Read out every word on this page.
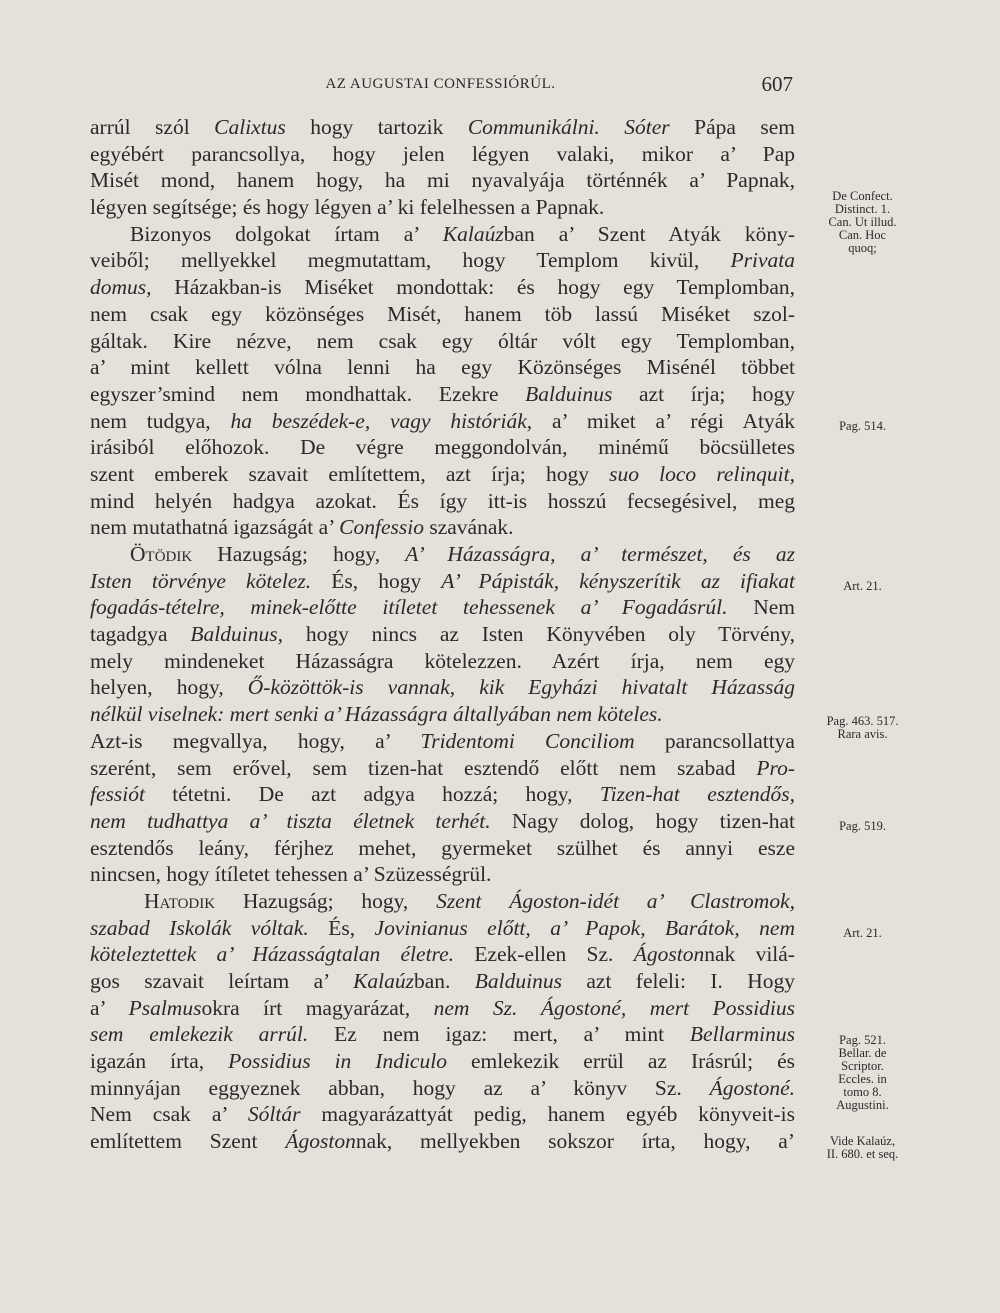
AZ AUGUSTAI CONFESSIÓRÚL.	607
arrúl szól Calixtus hogy tartozik Communikálni. Sóter Pápa sem
egyébért parancsollya, hogy jelen légyen valaki, mikor a’ Pap
Misét mond, hanem hogy, ha mi nyavalyája történnék a’ Papnak,
légyen segítsége; és hogy légyen a’ ki felelhessen a Papnak.
Bizonyos dolgokat írtam a’ Kalaúzban a’ Szent Atyák köny-
veiből; mellyekkel megmutattam, hogy Templom kivül, Privata
domus, Házakban-is Miséket mondottak: és hogy egy Templomban,
nem csak egy közönséges Misét, hanem töb lassú Miséket szol-
gáltak. Kire nézve, nem csak egy óltár vólt egy Templomban,
a’ mint kellett vólna lenni ha egy Közönséges Misénél többet
egyszer’smind nem mondhattak. Ezekre Balduinus azt írja; hogy
nem tudgya, ha beszédek-e, vagy históriák, a’ miket a’ régi Atyák
irásiból előhozok. De végre meggondolván, minémű böcsülletes
szent emberek szavait említettem, azt írja; hogy suo loco relinquit,
mind helyén hadgya azokat. És így itt-is hosszú fecsegésivel, meg
nem mutathatná igazságát a’ Confessio szavának.
Ötödik Hazugság; hogy, A’ Házasságra, a’ természet, és az
Isten törvénye kötelez. És, hogy A’ Pápisták, kényszerítik az ifiakat
fogadás-tételre, minek-előtte itíletet tehessenek a’ Fogadásrúl. Nem
tagadgya Balduinus, hogy nincs az Isten Könyvében oly Törvény,
mely mindeneket Házasságra kötelezzen. Azért írja, nem egy
helyen, hogy, Ő-közöttök-is vannak, kik Egyházi hivatalt Házasság
nélkül viselnek: mert senki a’ Házasságra általlyában nem köteles.
Azt-is megvallya, hogy, a’ Tridentomi Conciliom parancsollattya
szerént, sem erővel, sem tizen-hat esztendő előtt nem szabad Pro-
fessiót tétetni. De azt adgya hozzá; hogy, Tizen-hat esztendős,
nem tudhattya a’ tiszta életnek terhét. Nagy dolog, hogy tizen-hat
esztendős leány, férjhez mehet, gyermeket szülhet és annyi esze
nincsen, hogy ítíletet tehessen a’ Szüzességrül.
Hatodik Hazugság; hogy, Szent Ágoston-idét a’ Clastromok,
szabad Iskolák vóltak. És, Jovinianus előtt, a’ Papok, Barátok, nem
köteleztettek a’ Házasságtalan életre. Ezek-ellen Sz. Ágostonnak vilá-
gos szavait leírtam a’ Kalaúzban. Balduinus azt feleli: I. Hogy
a’ Psalmusokra írt magyarázat, nem Sz. Ágostoné, mert Possidius
sem emlekezik arrúl. Ez nem igaz: mert, a’ mint Bellarminus
igazán írta, Possidius in Indiculo emlekezik errül az Irásrúl; és
minnyájan eggyeznek abban, hogy az a’ könyv Sz. Ágostoné.
Nem csak a’ Sóltár magyarázattyát pedig, hanem egyéb könyveit-is
említettem Szent Ágostonnak, mellyekben sokszor írta, hogy, a’
De Confect.
Distinct. 1.
Can. Ut illud.
Can. Hoc
quoq;
Pag. 514.
Art. 21.
Pag. 463. 517.
Rara avis.
Pag. 519.
Art. 21.
Pag. 521.
Bellar. de
Scriptor.
Eccles. in
tomo 8.
Augustini.
Vide Kalaúz,
II. 680. et seq.
